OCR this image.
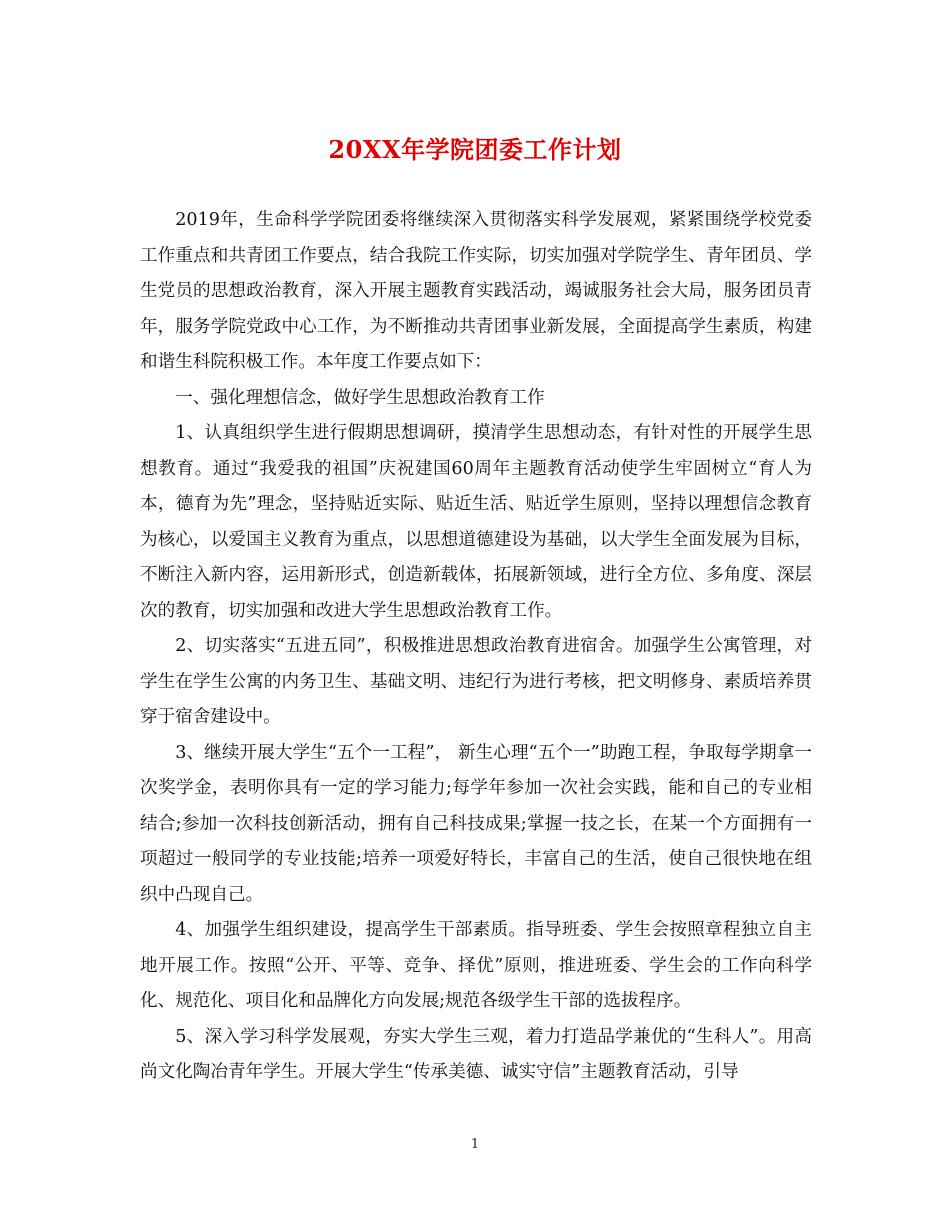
20XX年学院团委工作计划

2019年，生命科学学院团委将继续深入贯彻落实科学发展观，紧紧围绕学校党委工作重点和共青团工作要点，结合我院工作实际，切实加强对学院学生、青年团员、学生党员的思想政治教育，深入开展主题教育实践活动，竭诚服务社会大局，服务团员青年，服务学院党政中心工作，为不断推动共青团事业新发展，全面提高学生素质，构建和谐生科院积极工作。本年度工作要点如下：

一、强化理想信念，做好学生思想政治教育工作

1、认真组织学生进行假期思想调研，摸清学生思想动态，有针对性的开展学生思想教育。通过“我爱我的祖国”庆祝建国60周年主题教育活动使学生牢固树立“育人为本，德育为先”理念，坚持贴近实际、贴近生活、贴近学生原则，坚持以理想信念教育为核心，以爱国主义教育为重点，以思想道德建设为基础，以大学生全面发展为目标，不断注入新内容，运用新形式，创造新载体，拓展新领域，进行全方位、多角度、深层次的教育，切实加强和改进大学生思想政治教育工作。

2、切实落实“五进五同”，积极推进思想政治教育进宿舍。加强学生公寓管理，对学生在学生公寓的内务卫生、基础文明、违纪行为进行考核，把文明修身、素质培养贯穿于宿舍建设中。

3、继续开展大学生“五个一工程”， 新生心理“五个一”助跑工程，争取每学期拿一次奖学金，表明你具有一定的学习能力;每学年参加一次社会实践，能和自己的专业相结合;参加一次科技创新活动，拥有自己科技成果;掌握一技之长，在某一个方面拥有一项超过一般同学的专业技能;培养一项爱好特长，丰富自己的生活，使自己很快地在组织中凸现自己。

4、加强学生组织建设，提高学生干部素质。指导班委、学生会按照章程独立自主地开展工作。按照“公开、平等、竞争、择优”原则，推进班委、学生会的工作向科学化、规范化、项目化和品牌化方向发展;规范各级学生干部的选拔程序。

5、深入学习科学发展观，夯实大学生三观，着力打造品学兼优的“生科人”。用高尚文化陶冶青年学生。开展大学生“传承美德、诚实守信”主题教育活动，引导

1
